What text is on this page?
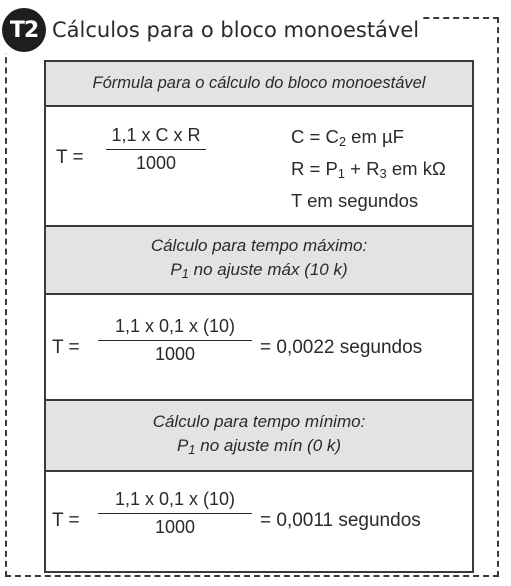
T2 Cálculos para o bloco monoestável
Fórmula para o cálculo do bloco monoestável
$T = \frac{\text{1,1 x C x R}}{1000}$	$C = C_2$ em µF
$R = P_1 + R_3$ em kΩ
T em segundos
Cálculo para tempo máximo:
$P_1$ no ajuste máx (10 k)
$T = \frac{1,1 x 0,1 x (10)}{1000} = 0,0022$ segundos
Cálculo para tempo mínimo:
$P_1$ no ajuste mín (0 k)
$T = \frac{1,1 x 0,1 x (10)}{1000} = 0,0011$ segundos
